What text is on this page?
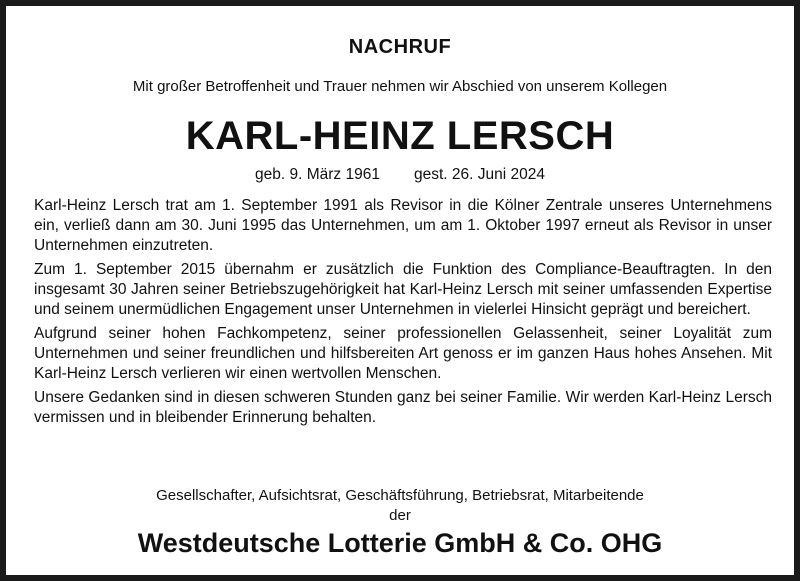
NACHRUF
Mit großer Betroffenheit und Trauer nehmen wir Abschied von unserem Kollegen
KARL-HEINZ LERSCH
geb. 9. März 1961 gest. 26. Juni 2024

Karl-Heinz Lersch trat am 1. September 1991 als Revisor in die Kölner Zentrale unseres Unternehmens ein, verließ dann am 30. Juni 1995 das Unternehmen, um am 1. Oktober 1997 erneut als Revisor in unser Unternehmen einzutreten.

Zum 1. September 2015 übernahm er zusätzlich die Funktion des Compliance-Beauftragten. In den insgesamt 30 Jahren seiner Betriebszugehörigkeit hat Karl-Heinz Lersch mit seiner umfassenden Expertise und seinem unermüdlichen Engagement unser Unternehmen in vielerlei Hinsicht geprägt und bereichert.

Aufgrund seiner hohen Fachkompetenz, seiner professionellen Gelassenheit, seiner Loyalität zum Unternehmen und seiner freundlichen und hilfsbereiten Art genoss er im ganzen Haus hohes Ansehen. Mit Karl-Heinz Lersch verlieren wir einen wertvollen Menschen.

Unsere Gedanken sind in diesen schweren Stunden ganz bei seiner Familie. Wir werden Karl-Heinz Lersch vermissen und in bleibender Erinnerung behalten.

Gesellschafter, Aufsichtsrat, Geschäftsführung, Betriebsrat, Mitarbeitende
der
Westdeutsche Lotterie GmbH & Co. OHG
